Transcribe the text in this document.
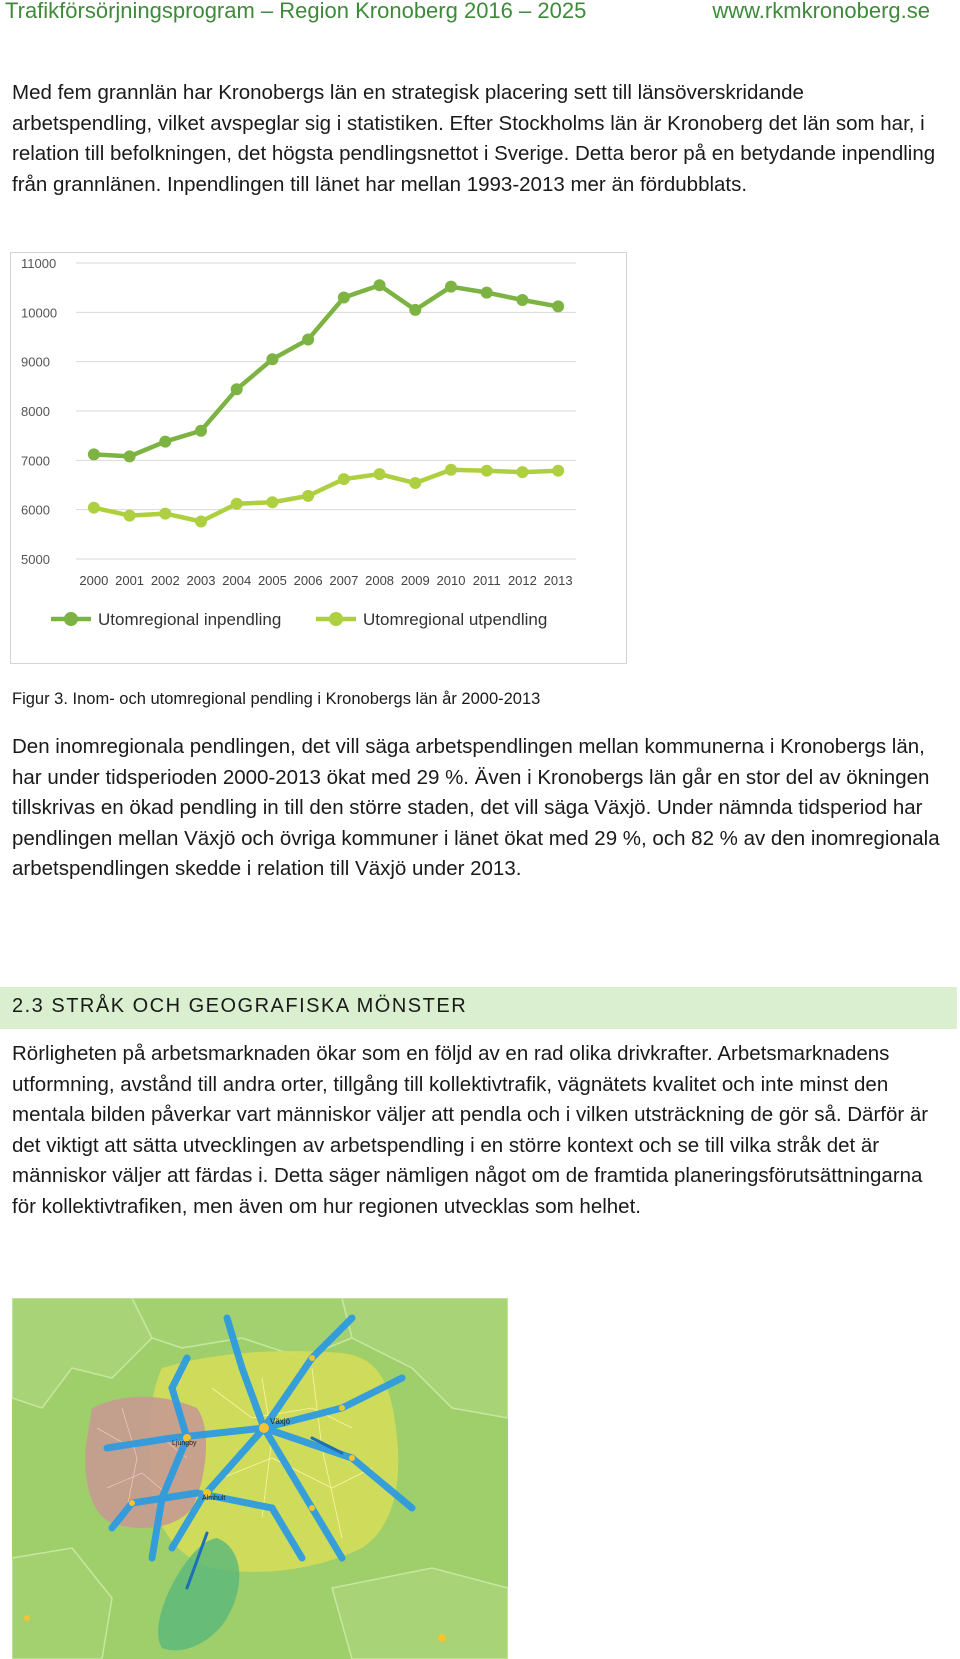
Trafikförsörjningsprogram – Region Kronoberg 2016 – 2025	www.rkmkronoberg.se

Med fem grannlän har Kronobergs län en strategisk placering sett till länsöverskridande arbetspendling, vilket avspeglar sig i statistiken. Efter Stockholms län är Kronoberg det län som har, i relation till befolkningen, det högsta pendlingsnettot i Sverige. Detta beror på en betydande inpendling från grannlänen. Inpendlingen till länet har mellan 1993-2013 mer än fördubblats.

11000
10000
9000
8000
7000
6000
5000
2000 2001 2002 2003 2004 2005 2006 2007 2008 2009 2010 2011 2012 2013
Utomregional inpendling	Utomregional utpendling
Figur 3. Inom- och utomregional pendling i Kronobergs län år 2000-2013

Den inomregionala pendlingen, det vill säga arbetspendlingen mellan kommunerna i Kronobergs län, har under tidsperioden 2000-2013 ökat med 29 %. Även i Kronobergs län går en stor del av ökningen tillskrivas en ökad pendling in till den större staden, det vill säga Växjö. Under nämnda tidsperiod har pendlingen mellan Växjö och övriga kommuner i länet ökat med 29 %, och 82 % av den inomregionala arbetspendlingen skedde i relation till Växjö under 2013.

2.3 STRÅK OCH GEOGRAFISKA MÖNSTER

Rörligheten på arbetsmarknaden ökar som en följd av en rad olika drivkrafter. Arbetsmarknadens utformning, avstånd till andra orter, tillgång till kollektivtrafik, vägnätets kvalitet och inte minst den mentala bilden påverkar vart människor väljer att pendla och i vilken utsträckning de gör så. Därför är det viktigt att sätta utvecklingen av arbetspendling i en större kontext och se till vilka stråk det är människor väljer att färdas i. Detta säger nämligen något om de framtida planeringsförutsättningarna för kollektivtrafiken, men även om hur regionen utvecklas som helhet.

Växjö
Ljungby
Älmhult
